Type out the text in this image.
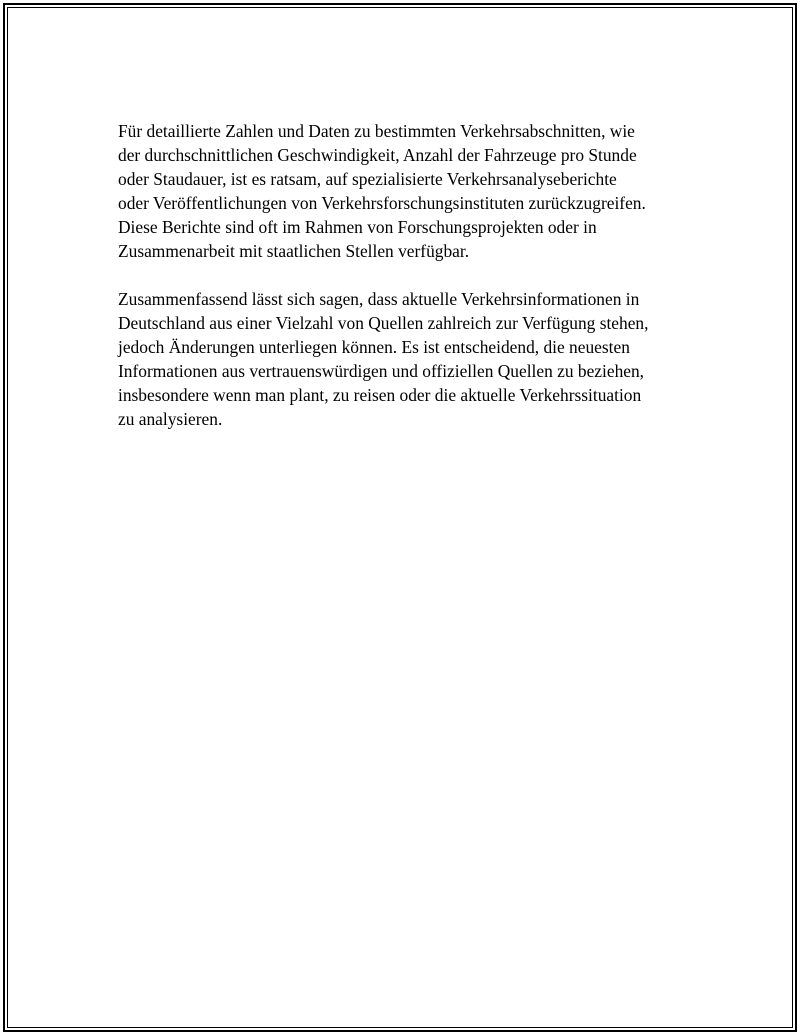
Für detaillierte Zahlen und Daten zu bestimmten Verkehrsabschnitten, wie
der durchschnittlichen Geschwindigkeit, Anzahl der Fahrzeuge pro Stunde
oder Staudauer, ist es ratsam, auf spezialisierte Verkehrsanalyseberichte
oder Veröffentlichungen von Verkehrsforschungsinstituten zurückzugreifen.
Diese Berichte sind oft im Rahmen von Forschungsprojekten oder in
Zusammenarbeit mit staatlichen Stellen verfügbar.

Zusammenfassend lässt sich sagen, dass aktuelle Verkehrsinformationen in
Deutschland aus einer Vielzahl von Quellen zahlreich zur Verfügung stehen,
jedoch Änderungen unterliegen können. Es ist entscheidend, die neuesten
Informationen aus vertrauenswürdigen und offiziellen Quellen zu beziehen,
insbesondere wenn man plant, zu reisen oder die aktuelle Verkehrssituation
zu analysieren.
